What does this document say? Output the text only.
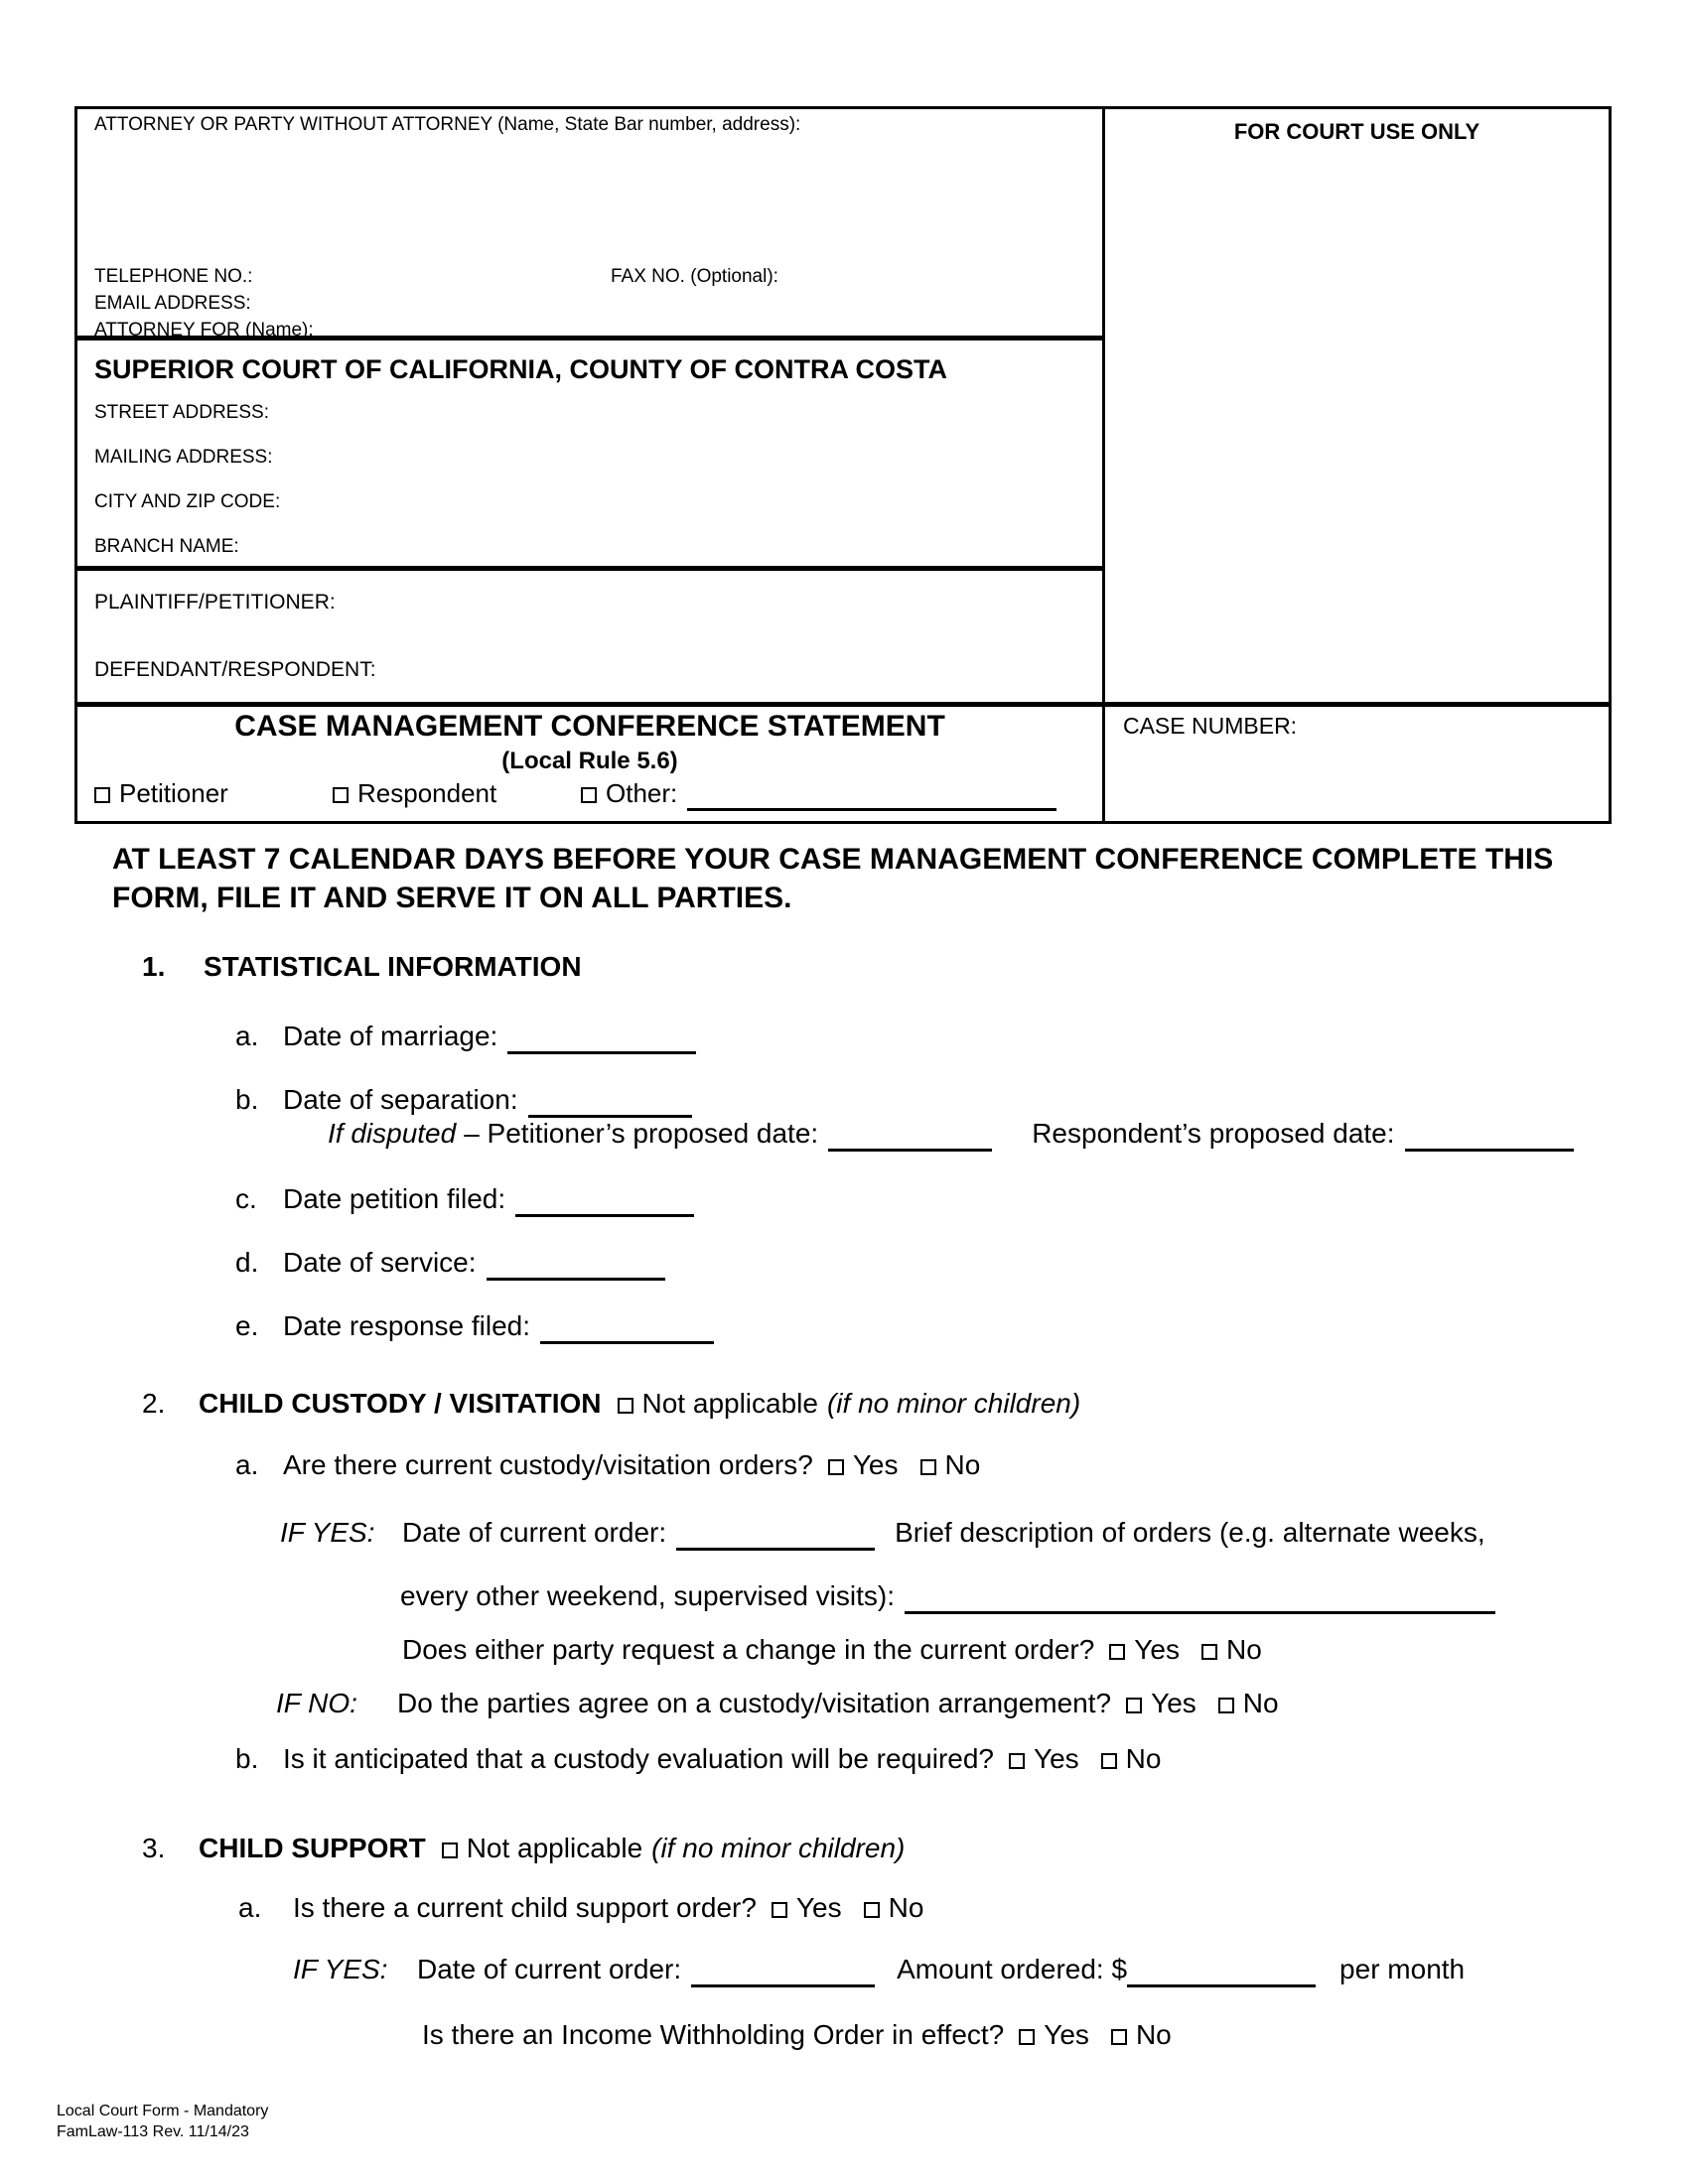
ATTORNEY OR PARTY WITHOUT ATTORNEY (Name, State Bar number, address):
TELEPHONE NO.:	FAX NO. (Optional):
EMAIL ADDRESS:
ATTORNEY FOR (Name):
SUPERIOR COURT OF CALIFORNIA, COUNTY OF CONTRA COSTA
STREET ADDRESS:
MAILING ADDRESS:
CITY AND ZIP CODE:
BRANCH NAME:
PLAINTIFF/PETITIONER:
DEFENDANT/RESPONDENT:
CASE MANAGEMENT CONFERENCE STATEMENT
(Local Rule 5.6)
Petitioner	Respondent	Other:
FOR COURT USE ONLY
CASE NUMBER:
AT LEAST 7 CALENDAR DAYS BEFORE YOUR CASE MANAGEMENT CONFERENCE COMPLETE THIS FORM, FILE IT AND SERVE IT ON ALL PARTIES.
1. STATISTICAL INFORMATION
a. Date of marriage:
b. Date of separation:
If disputed – Petitioner’s proposed date:	Respondent’s proposed date:
c. Date petition filed:
d. Date of service:
e. Date response filed:
2. CHILD CUSTODY / VISITATION Not applicable (if no minor children)
a. Are there current custody/visitation orders? Yes No
IF YES: Date of current order:	Brief description of orders (e.g. alternate weeks,
every other weekend, supervised visits):
Does either party request a change in the current order? Yes No
IF NO: Do the parties agree on a custody/visitation arrangement? Yes No
b. Is it anticipated that a custody evaluation will be required? Yes No
3. CHILD SUPPORT Not applicable (if no minor children)
a. Is there a current child support order? Yes No
IF YES: Date of current order:	Amount ordered: $	per month
Is there an Income Withholding Order in effect? Yes No
Local Court Form - Mandatory
FamLaw-113 Rev. 11/14/23
